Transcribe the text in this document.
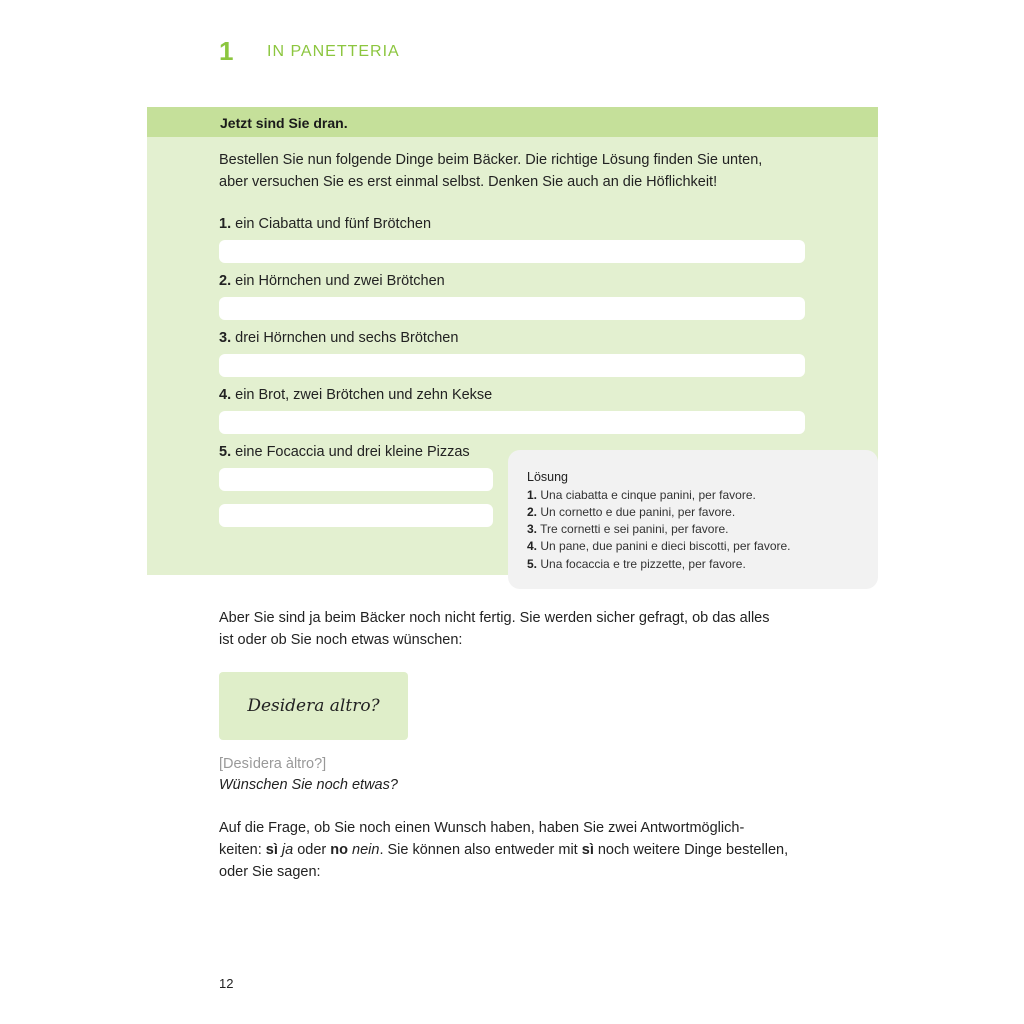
1 IN PANETTERIA
Jetzt sind Sie dran.

Bestellen Sie nun folgende Dinge beim Bäcker. Die richtige Lösung finden Sie unten,

aber versuchen Sie es erst einmal selbst. Denken Sie auch an die Höflichkeit!

1. ein Ciabatta und fünf Brötchen
2. ein Hörnchen und zwei Brötchen
3. drei Hörnchen und sechs Brötchen
4. ein Brot, zwei Brötchen und zehn Kekse
5. eine Focaccia und drei kleine Pizzas
Lösung
1. Una ciabatta e cinque panini, per favore.
2. Un cornetto e due panini, per favore.
3. Tre cornetti e sei panini, per favore.
4. Un pane, due panini e dieci biscotti, per favore.
5. Una focaccia e tre pizzette, per favore.

Aber Sie sind ja beim Bäcker noch nicht fertig. Sie werden sicher gefragt, ob das alles

ist oder ob Sie noch etwas wünschen:

Desidera altro?
[Desìdera àltro?]
Wünschen Sie noch etwas?

Auf die Frage, ob Sie noch einen Wunsch haben, haben Sie zwei Antwortmöglich-

keiten: sì ja oder no nein. Sie können also entweder mit sì noch weitere Dinge bestellen,

oder Sie sagen:

12
